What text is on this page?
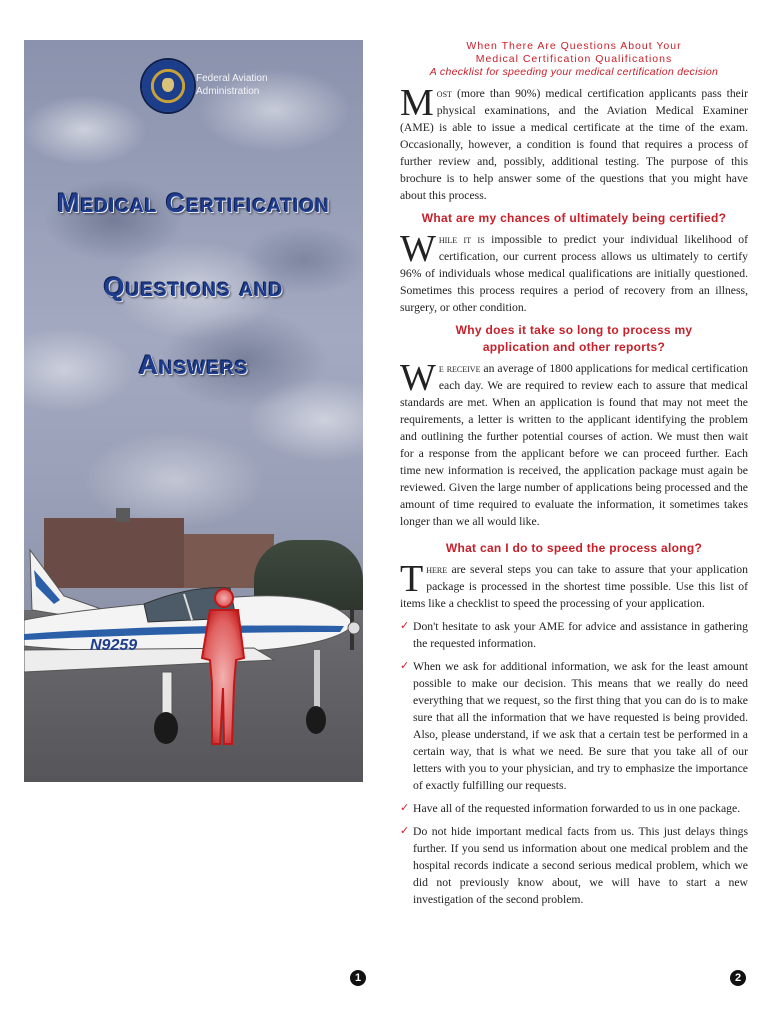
Federal Aviation
Administration
Medical Certification
Questions and
Answers
N9259
1
When There Are Questions About Your
Medical Certification Qualifications
A checklist for speeding your medical certification decision
Most (more than 90%) medical certification applicants pass their physical examinations, and the Aviation Medical Examiner (AME) is able to issue a medical certificate at the time of the exam. Occasionally, however, a condition is found that requires a process of further review and, possibly, additional testing. The purpose of this brochure is to help answer some of the questions that you might have about this process.
What are my chances of ultimately being certified?
While it is impossible to predict your individual likelihood of certification, our current process allows us ultimately to certify 96% of individuals whose medical qualifications are initially questioned. Sometimes this process requires a period of recovery from an illness, surgery, or other condition.
Why does it take so long to process my
application and other reports?
We receive an average of 1800 applications for medical certification each day. We are required to review each to assure that medical standards are met. When an application is found that may not meet the requirements, a letter is written to the applicant identifying the problem and outlining the further potential courses of action. We must then wait for a response from the applicant before we can proceed further. Each time new information is received, the application package must again be reviewed. Given the large number of applications being processed and the amount of time required to evaluate the information, it sometimes takes longer than we all would like.
What can I do to speed the process along?
There are several steps you can take to assure that your application package is processed in the shortest time possible. Use this list of items like a checklist to speed the processing of your application.
✓ Don't hesitate to ask your AME for advice and assistance in gathering the requested information.
✓ When we ask for additional information, we ask for the least amount possible to make our decision. This means that we really do need everything that we request, so the first thing that you can do is to make sure that all the information that we have requested is being provided. Also, please understand, if we ask that a certain test be performed in a certain way, that is what we need. Be sure that you take all of our letters with you to your physician, and try to emphasize the importance of exactly fulfilling our requests.
✓ Have all of the requested information forwarded to us in one package.
✓ Do not hide important medical facts from us. This just delays things further. If you send us information about one medical problem and the hospital records indicate a second serious medical problem, which we did not previously know about, we will have to start a new investigation of the second problem.
2
